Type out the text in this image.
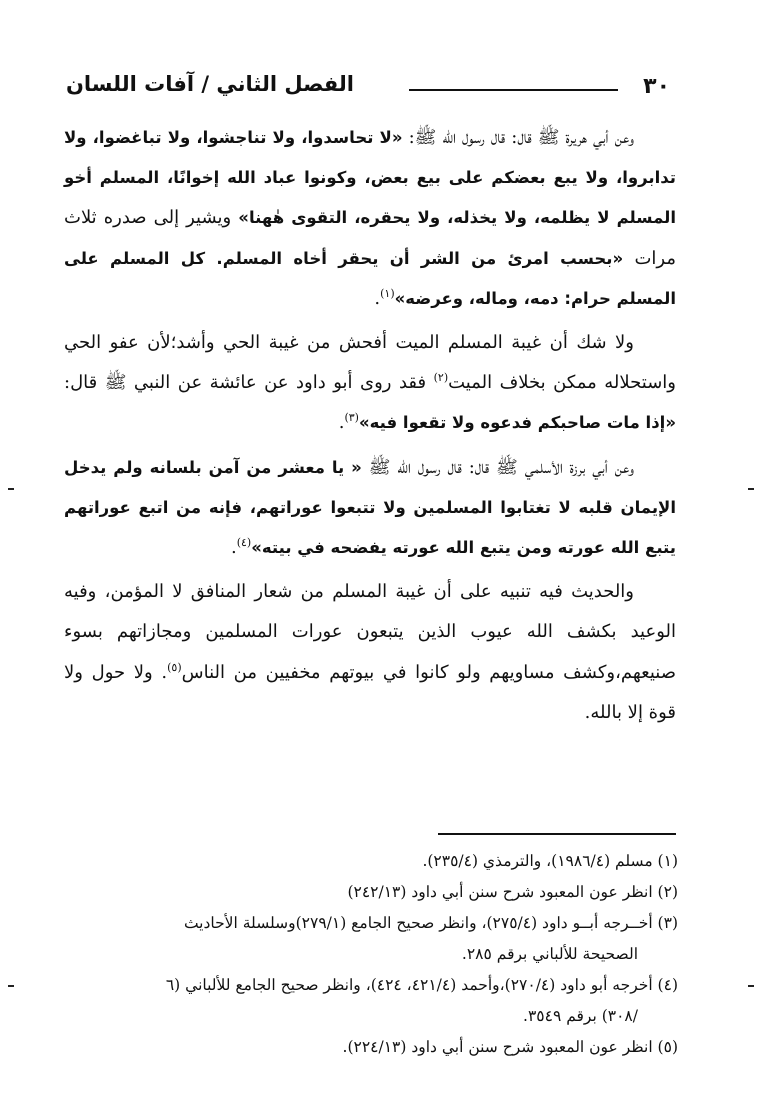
٣٠
الفصل الثاني / آفات اللسان

وعن أبي هريرة ﷺ قال: قال رسول الله ﷺ: «لا تحاسدوا، ولا تناجشوا، ولا تباغضوا، ولا تدابروا، ولا يبع بعضكم على بيع بعض، وكونوا عباد الله إخوانًا، المسلم أخو المسلم لا يظلمه، ولا يخذله، ولا يحقره، التقوى هٰهنا» ويشير إلى صدره ثلاث مرات «بحسب امرئ من الشر أن يحقر أخاه المسلم. كل المسلم على المسلم حرام: دمه، وماله، وعرضه»$^{(١)}$.

ولا شك أن غيبة المسلم الميت أفحش من غيبة الحي وأشد؛لأن عفو الحي واستحلاله ممكن بخلاف الميت$^{(٢)}$ فقد روى أبو داود عن عائشة عن النبي ﷺ قال: «إذا مات صاحبكم فدعوه ولا تقعوا فيه»$^{(٣)}$.

وعن أبي برزة الأسلمي ﷺ قال: قال رسول الله ﷺ « يا معشر من آمن بلسانه ولم يدخل الإيمان قلبه لا تغتابوا المسلمين ولا تتبعوا عوراتهم، فإنه من اتبع عوراتهم يتبع الله عورته ومن يتبع الله عورته يفضحه في بيته»$^{(٤)}$.

والحديث فيه تنبيه على أن غيبة المسلم من شعار المنافق لا المؤمن، وفيه الوعيد بكشف الله عيوب الذين يتبعون عورات المسلمين ومجازاتهم بسوء صنيعهم،وكشف مساويهم ولو كانوا في بيوتهم مخفيين من الناس$^{(٥)}$. ولا حول ولا قوة إلا بالله.

(١) مسلم (١٩٨٦/٤)، والترمذي (٢٣٥/٤).
(٢) انظر عون المعبود شرح سنن أبي داود (٢٤٢/١٣)
(٣) أخــرجه أبــو داود (٢٧٥/٤)، وانظر صحيح الجامع (٢٧٩/١)وسلسلة الأحاديث
الصحيحة للألباني برقم ٢٨٥.
(٤) أخرجه أبو داود (٢٧٠/٤)،وأحمد (٤٢١/٤، ٤٢٤)، وانظر صحيح الجامع للألباني (٦
/٣٠٨) برقم ٣٥٤٩.
(٥) انظر عون المعبود شرح سنن أبي داود (٢٢٤/١٣).
